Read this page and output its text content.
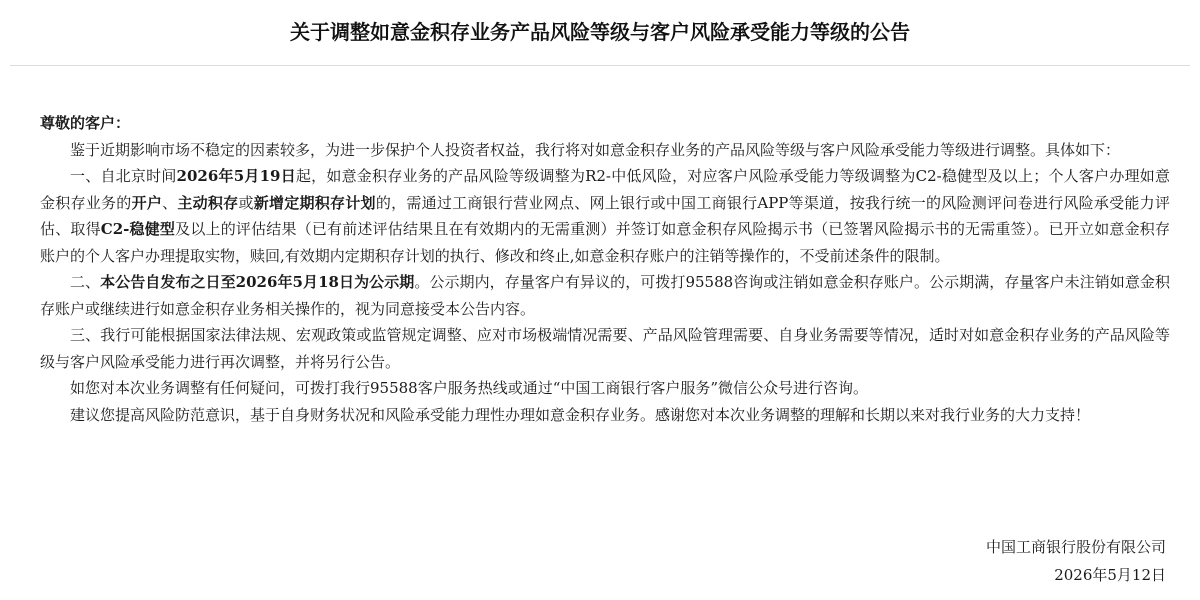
关于调整如意金积存业务产品风险等级与客户风险承受能力等级的公告

尊敬的客户：

鉴于近期影响市场不稳定的因素较多，为进一步保护个人投资者权益，我行将对如意金积存业务的产品风险等级与客户风险承受能力等级进行调整。具体如下：

一、自北京时间2026年5月19日起，如意金积存业务的产品风险等级调整为R2-中低风险，对应客户风险承受能力等级调整为C2-稳健型及以上；个人客户办理如意金积存业务的开户、主动积存或新增定期积存计划的，需通过工商银行营业网点、网上银行或中国工商银行APP等渠道，按我行统一的风险测评问卷进行风险承受能力评估、取得C2-稳健型及以上的评估结果（已有前述评估结果且在有效期内的无需重测）并签订如意金积存风险揭示书（已签署风险揭示书的无需重签）。已开立如意金积存账户的个人客户办理提取实物，赎回,有效期内定期积存计划的执行、修改和终止,如意金积存账户的注销等操作的，不受前述条件的限制。

二、本公告自发布之日至2026年5月18日为公示期。公示期内，存量客户有异议的，可拨打95588咨询或注销如意金积存账户。公示期满，存量客户未注销如意金积存账户或继续进行如意金积存业务相关操作的，视为同意接受本公告内容。

三、我行可能根据国家法律法规、宏观政策或监管规定调整、应对市场极端情况需要、产品风险管理需要、自身业务需要等情况，适时对如意金积存业务的产品风险等级与客户风险承受能力进行再次调整，并将另行公告。

如您对本次业务调整有任何疑问，可拨打我行95588客户服务热线或通过“中国工商银行客户服务”微信公众号进行咨询。

建议您提高风险防范意识，基于自身财务状况和风险承受能力理性办理如意金积存业务。感谢您对本次业务调整的理解和长期以来对我行业务的大力支持！

中国工商银行股份有限公司
2026年5月12日
